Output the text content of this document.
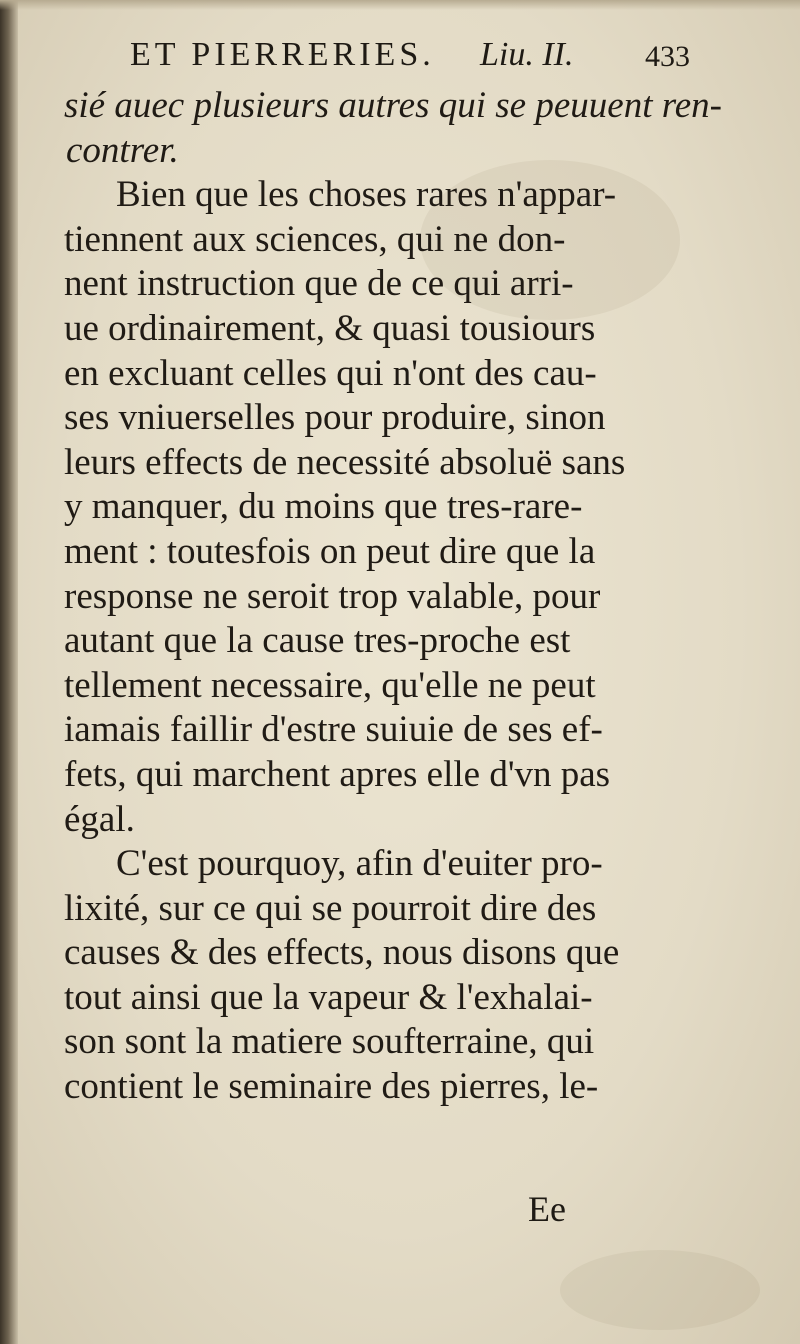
ET PIERRERIES. Liu. II. 433
sié auec plusieurs autres qui se peuuent ren-
contrer.
Bien que les choses rares n'appar-
tiennent aux sciences, qui ne don-
nent instruction que de ce qui arri-
ue ordinairement, & quasi tousiours
en excluant celles qui n'ont des cau-
ses vniuerselles pour produire, sinon
leurs effects de necessité absoluë sans
y manquer, du moins que tres-rare-
ment : toutesfois on peut dire que la
response ne seroit trop valable, pour
autant que la cause tres-proche est
tellement necessaire, qu'elle ne peut
iamais faillir d'estre suiuie de ses ef-
fets, qui marchent apres elle d'vn pas
égal.
C'est pourquoy, afin d'euiter pro-
lixité, sur ce qui se pourroit dire des
causes & des effects, nous disons que
tout ainsi que la vapeur & l'exhalai-
son sont la matiere soufterraine, qui
contient le seminaire des pierres, le-
Ee
